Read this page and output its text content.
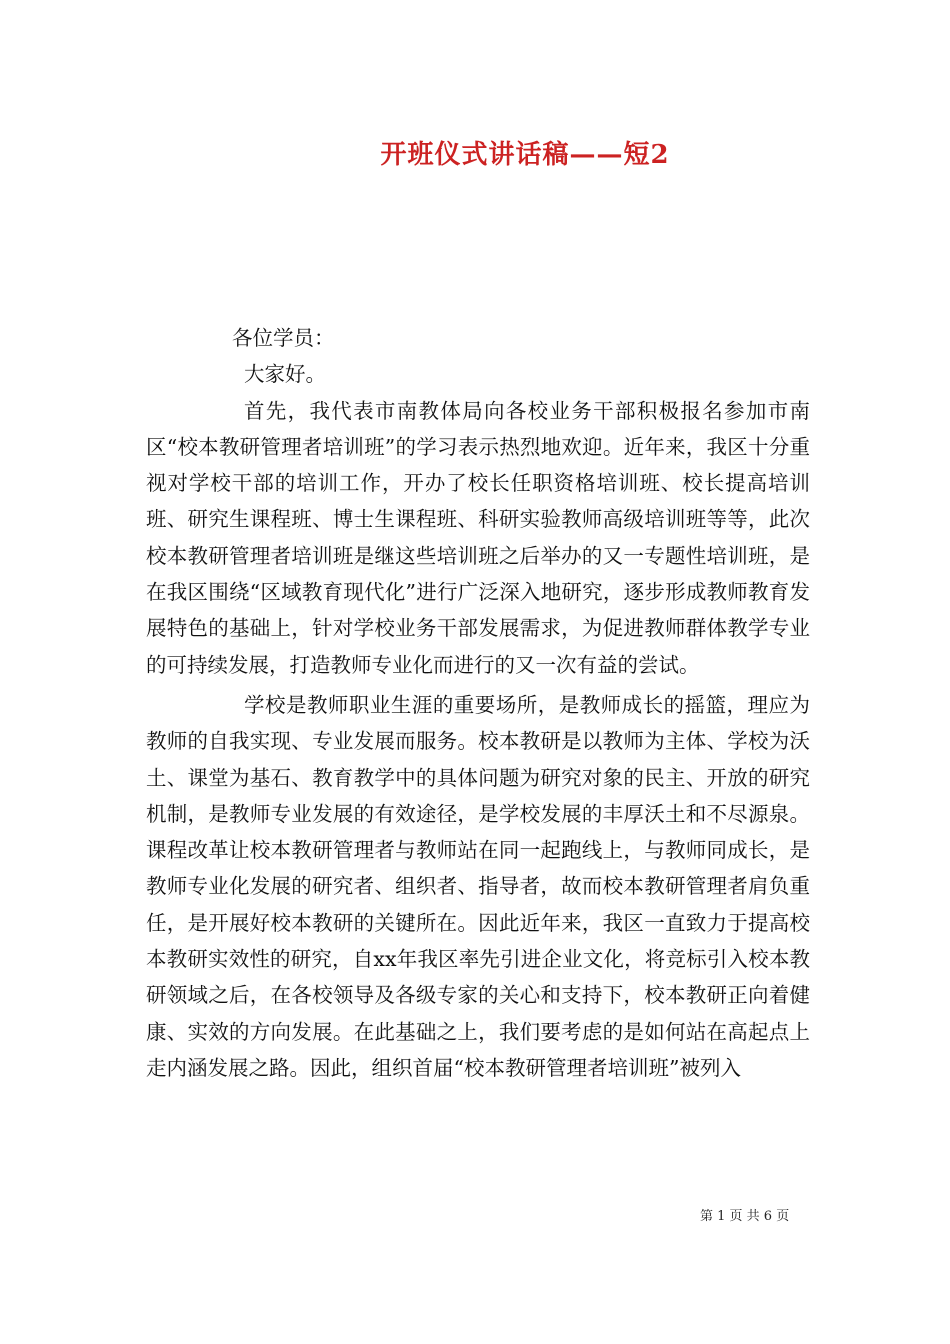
开班仪式讲话稿——短2

各位学员：

大家好。

首先，我代表市南教体局向各校业务干部积极报名参加市南区“校本教研管理者培训班”的学习表示热烈地欢迎。近年来，我区十分重视对学校干部的培训工作，开办了校长任职资格培训班、校长提高培训班、研究生课程班、博士生课程班、科研实验教师高级培训班等等，此次校本教研管理者培训班是继这些培训班之后举办的又一专题性培训班，是在我区围绕“区域教育现代化”进行广泛深入地研究，逐步形成教师教育发展特色的基础上，针对学校业务干部发展需求，为促进教师群体教学专业的可持续发展，打造教师专业化而进行的又一次有益的尝试。

学校是教师职业生涯的重要场所，是教师成长的摇篮，理应为教师的自我实现、专业发展而服务。校本教研是以教师为主体、学校为沃土、课堂为基石、教育教学中的具体问题为研究对象的民主、开放的研究机制，是教师专业发展的有效途径，是学校发展的丰厚沃土和不尽源泉。课程改革让校本教研管理者与教师站在同一起跑线上，与教师同成长，是教师专业化发展的研究者、组织者、指导者，故而校本教研管理者肩负重任，是开展好校本教研的关键所在。因此近年来，我区一直致力于提高校本教研实效性的研究，自xx年我区率先引进企业文化，将竞标引入校本教研领域之后，在各校领导及各级专家的关心和支持下，校本教研正向着健康、实效的方向发展。在此基础之上，我们要考虑的是如何站在高起点上走内涵发展之路。因此，组织首届“校本教研管理者培训班”被列入

第 1 页 共 6 页
